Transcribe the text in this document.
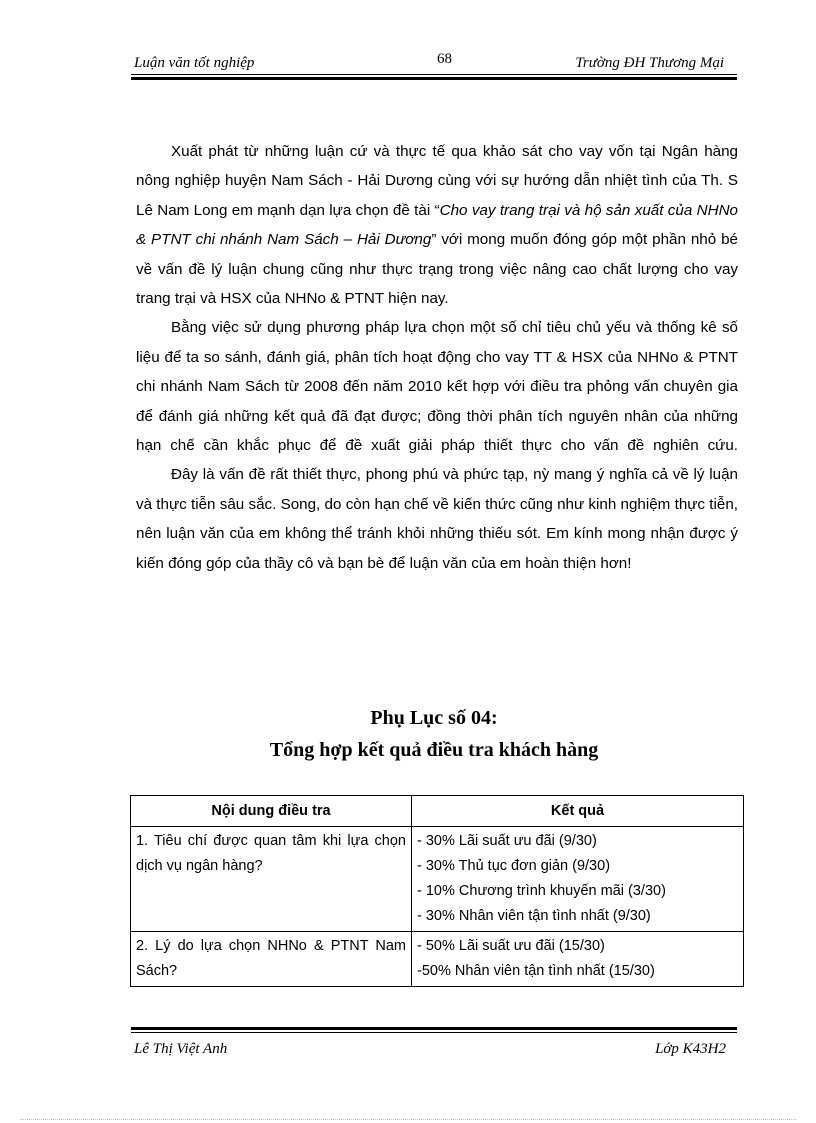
Luận văn tốt nghiệp	68	Trường ĐH Thương Mại

Xuất phát từ những luận cứ và thực tế qua khảo sát cho vay vốn tại Ngân hàng nông nghiệp huyện Nam Sách - Hải Dương cùng với sự hướng dẫn nhiệt tình của Th. S Lê Nam Long em mạnh dạn lựa chọn đề tài “Cho vay trang trại và hộ sản xuất của NHNo & PTNT chi nhánh Nam Sách – Hải Dương” với mong muốn đóng góp một phần nhỏ bé về vấn đề lý luận chung cũng như thực trạng trong việc nâng cao chất lượng cho vay trang trại và HSX của NHNo & PTNT hiện nay.

Bằng việc sử dụng phương pháp lựa chọn một số chỉ tiêu chủ yếu và thống kê số liệu để ta so sánh, đánh giá, phân tích hoạt động cho vay TT & HSX của NHNo & PTNT chi nhánh Nam Sách từ 2008 đến năm 2010 kết hợp với điều tra phỏng vấn chuyên gia để đánh giá những kết quả đã đạt được; đồng thời phân tích nguyên nhân của những hạn chế cần khắc phục để đề xuất giải pháp thiết thực cho vấn đề nghiên cứu.

Đây là vấn đề rất thiết thực, phong phú và phức tạp, nỳ mang ý nghĩa cả về lý luận và thực tiễn sâu sắc. Song, do còn hạn chế về kiến thức cũng như kinh nghiệm thực tiễn, nên luận văn của em không thể tránh khỏi những thiếu sót. Em kính mong nhận được ý kiến đóng góp của thầy cô và bạn bè để luận văn của em hoàn thiện hơn!

Phụ Lục số 04:
Tổng hợp kết quả điều tra khách hàng
Nội dung điều tra	Kết quả
1. Tiêu chí được quan tâm khi lựa chọn dịch vụ ngân hàng?	- 30% Lãi suất ưu đãi (9/30)
- 30% Thủ tục đơn giản (9/30)
- 10% Chương trình khuyến mãi (3/30)
- 30% Nhân viên tận tình nhất (9/30)

2. Lý do lựa chọn NHNo & PTNT Nam Sách?	- 50% Lãi suất ưu đãi (15/30)
-50% Nhân viên tận tình nhất (15/30)
Lê Thị Việt Anh	Lớp K43H2
